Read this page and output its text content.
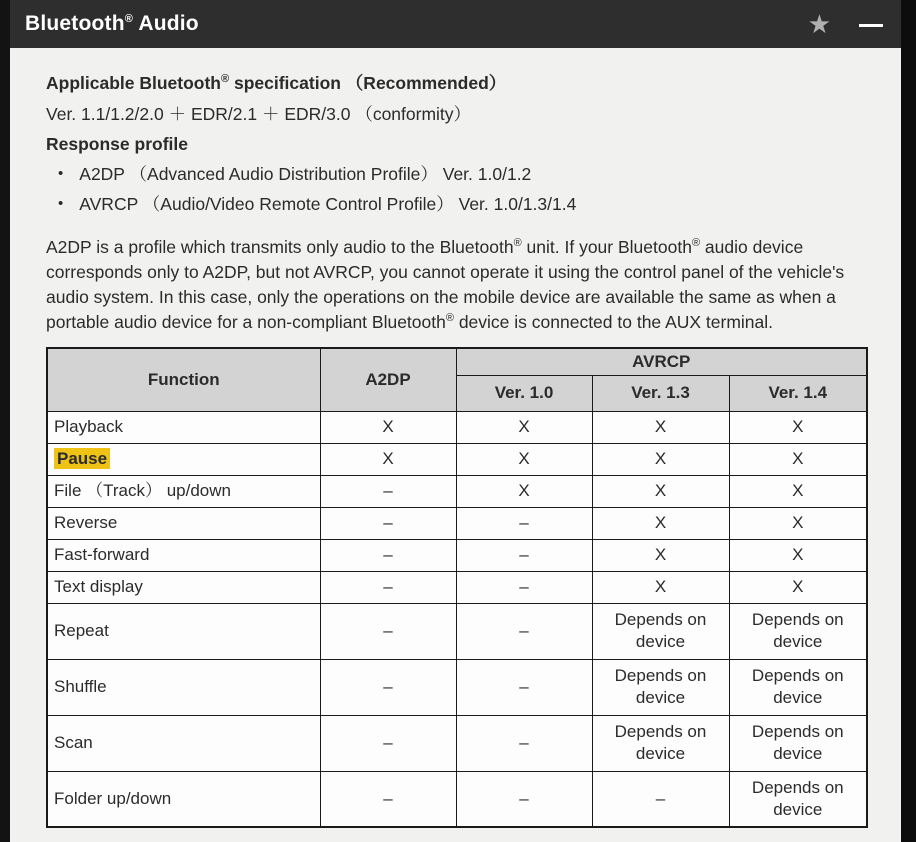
Bluetooth® Audio	★
Applicable Bluetooth® specification （Recommended）
Ver. 1.1/1.2/2.0 ＋ EDR/2.1 ＋ EDR/3.0 （conformity）
Response profile
• A2DP （Advanced Audio Distribution Profile） Ver. 1.0/1.2
• AVRCP （Audio/Video Remote Control Profile） Ver. 1.0/1.3/1.4
A2DP is a profile which transmits only audio to the Bluetooth® unit. If your Bluetooth® audio device corresponds only to A2DP, but not AVRCP, you cannot operate it using the control panel of the vehicle's audio system. In this case, only the operations on the mobile device are available the same as when a portable audio device for a non-compliant Bluetooth® device is connected to the AUX terminal.
Function	A2DP	AVRCP		
		Ver. 1.0	Ver. 1.3	Ver. 1.4
Playback	X	X	X	X
Pause	X	X	X	X
File （Track） up/down	–	X	X	X
Reverse	–	–	X	X
Fast-forward	–	–	X	X
Text display	–	–	X	X
Repeat	–	–	Depends on device	Depends on device
Shuffle	–	–	Depends on device	Depends on device
Scan	–	–	Depends on device	Depends on device
Folder up/down	–	–	–	Depends on device
